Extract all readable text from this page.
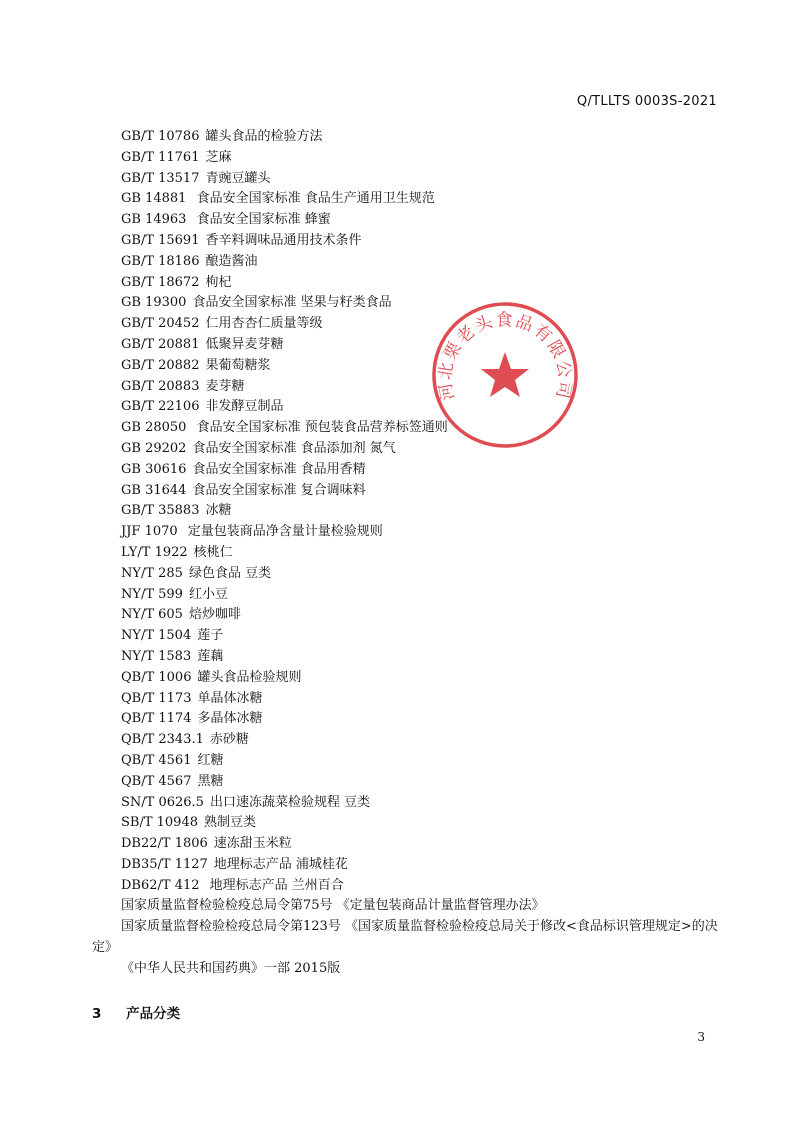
Q/TLLTS 0003S-2021
GB/T 10786 罐头食品的检验方法
GB/T 11761 芝麻
GB/T 13517 青豌豆罐头
GB 14881 食品安全国家标准 食品生产通用卫生规范
GB 14963 食品安全国家标准 蜂蜜
GB/T 15691 香辛料调味品通用技术条件
GB/T 18186 酿造酱油
GB/T 18672 枸杞
GB 19300 食品安全国家标准 坚果与籽类食品
GB/T 20452 仁用杏杏仁质量等级
GB/T 20881 低聚异麦芽糖
GB/T 20882 果葡萄糖浆
GB/T 20883 麦芽糖
GB/T 22106 非发酵豆制品
GB 28050 食品安全国家标准 预包装食品营养标签通则
GB 29202 食品安全国家标准 食品添加剂 氮气
GB 30616 食品安全国家标准 食品用香精
GB 31644 食品安全国家标准 复合调味料
GB/T 35883 冰糖
JJF 1070 定量包装商品净含量计量检验规则
LY/T 1922 核桃仁
NY/T 285 绿色食品 豆类
NY/T 599 红小豆
NY/T 605 焙炒咖啡
NY/T 1504 莲子
NY/T 1583 莲藕
QB/T 1006 罐头食品检验规则
QB/T 1173 单晶体冰糖
QB/T 1174 多晶体冰糖
QB/T 2343.1 赤砂糖
QB/T 4561 红糖
QB/T 4567 黑糖
SN/T 0626.5 出口速冻蔬菜检验规程 豆类
SB/T 10948 熟制豆类
DB22/T 1806 速冻甜玉米粒
DB35/T 1127 地理标志产品 浦城桂花
DB62/T 412 地理标志产品 兰州百合
国家质量监督检验检疫总局令第75号 《定量包装商品计量监督管理办法》
国家质量监督检验检疫总局令第123号 《国家质量监督检验检疫总局关于修改<食品标识管理规定>的决定》
《中华人民共和国药典》一部 2015版
3 产品分类
3
河北栗老头食品有限公司
